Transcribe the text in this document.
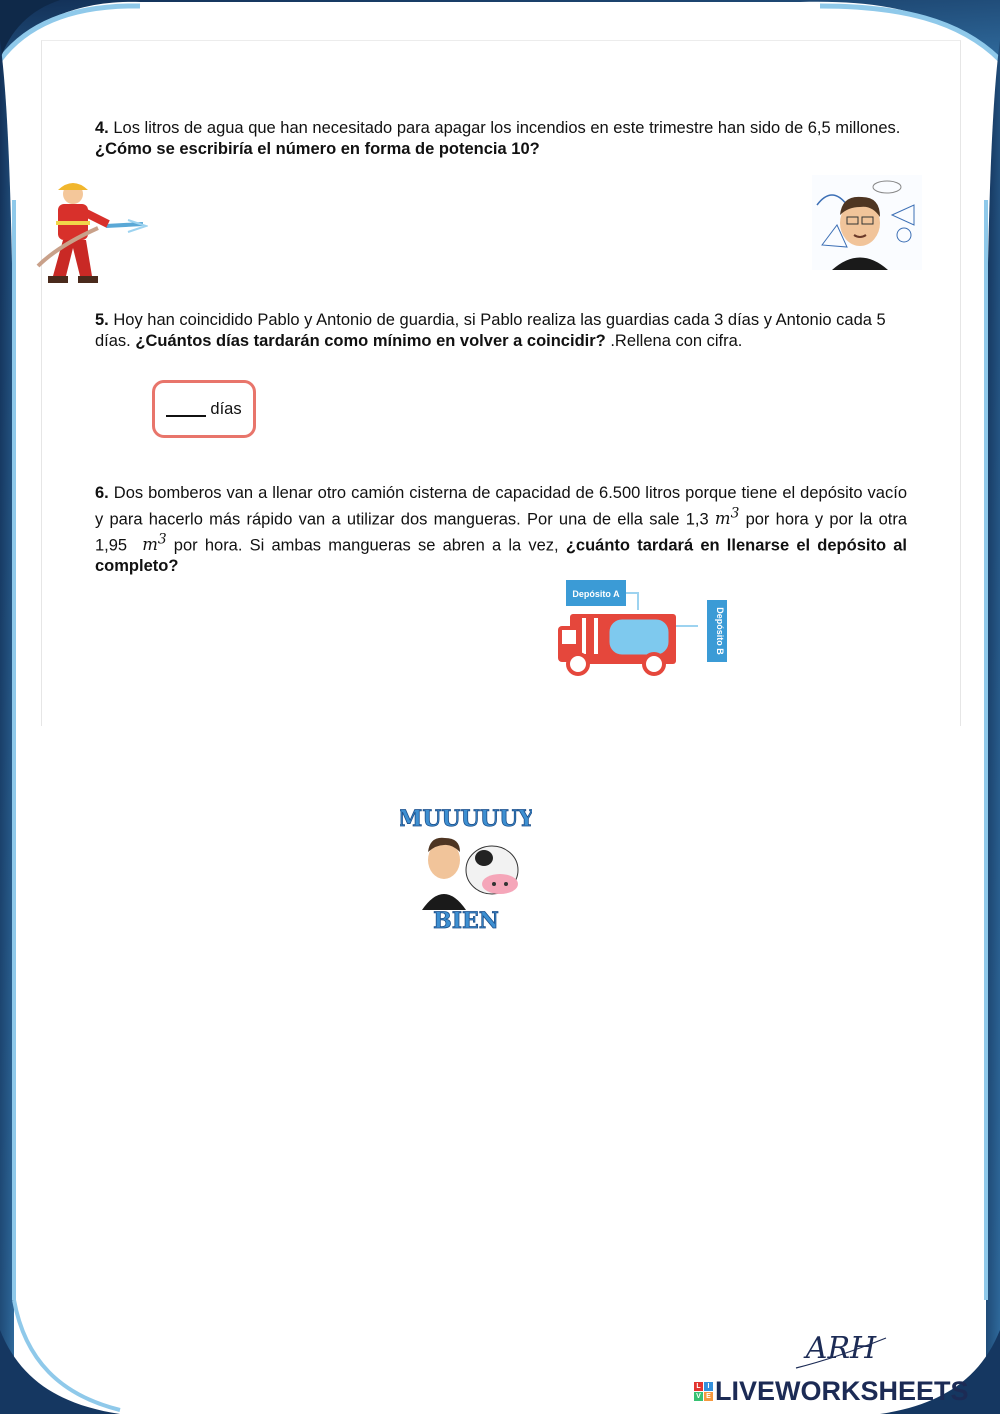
4. Los litros de agua que han necesitado para apagar los incendios en este trimestre han sido de 6,5 millones. ¿Cómo se escribiría el número en forma de potencia 10?
5. Hoy han coincidido Pablo y Antonio de guardia, si Pablo realiza las guardias cada 3 días y Antonio cada 5 días. ¿Cuántos días tardarán como mínimo en volver a coincidir? .Rellena con cifra.
días
6. Dos bomberos van a llenar otro camión cisterna de capacidad de 6.500 litros porque tiene el depósito vacío y para hacerlo más rápido van a utilizar dos mangueras. Por una de ella sale 1,3 $m^3$ por hora y por la otra 1,95 $m^3$ por hora. Si ambas mangueras se abren a la vez, ¿cuánto tardará en llenarse el depósito al completo?
Depósito A
Depósito B
MUUUUUY
BIEN
ARH
L I
V E LIVEWORKSHEETS
